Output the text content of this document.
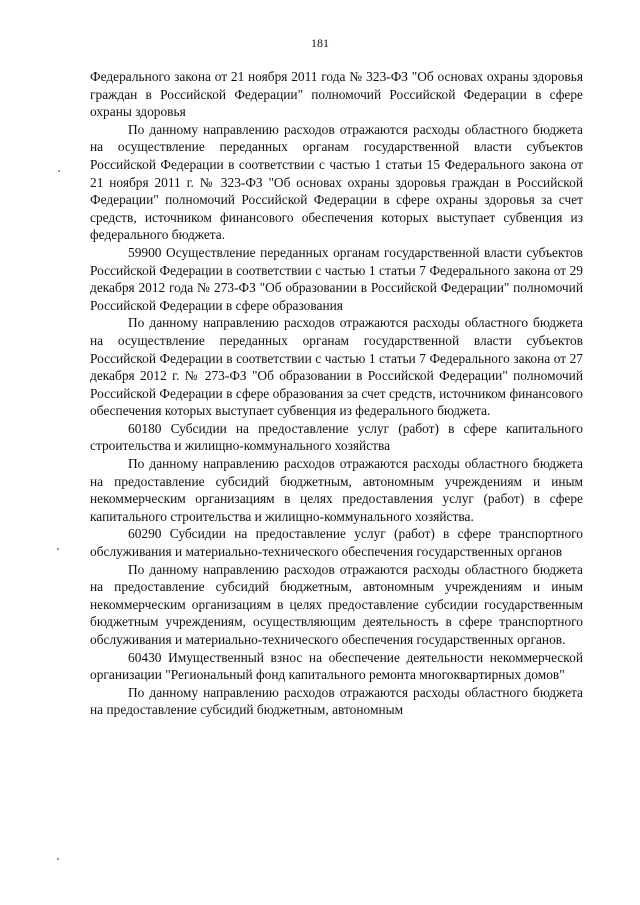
181

Федерального закона от 21 ноября 2011 года № 323-ФЗ "Об основах охраны здоровья граждан в Российской Федерации" полномочий Российской Федерации в сфере охраны здоровья

По данному направлению расходов отражаются расходы областного бюджета на осуществление переданных органам государственной власти субъектов Российской Федерации в соответствии с частью 1 статьи 15 Федерального закона от 21 ноября 2011 г. № 323-ФЗ "Об основах охраны здоровья граждан в Российской Федерации" полномочий Российской Федерации в сфере охраны здоровья за счет средств, источником финансового обеспечения которых выступает субвенция из федерального бюджета.

59900 Осуществление переданных органам государственной власти субъектов Российской Федерации в соответствии с частью 1 статьи 7 Федерального закона от 29 декабря 2012 года № 273-ФЗ "Об образовании в Российской Федерации" полномочий Российской Федерации в сфере образования

По данному направлению расходов отражаются расходы областного бюджета на осуществление переданных органам государственной власти субъектов Российской Федерации в соответствии с частью 1 статьи 7 Федерального закона от 27 декабря 2012 г. № 273-ФЗ "Об образовании в Российской Федерации" полномочий Российской Федерации в сфере образования за счет средств, источником финансового обеспечения которых выступает субвенция из федерального бюджета.

60180 Субсидии на предоставление услуг (работ) в сфере капитального строительства и жилищно-коммунального хозяйства

По данному направлению расходов отражаются расходы областного бюджета на предоставление субсидий бюджетным, автономным учреждениям и иным некоммерческим организациям в целях предоставления услуг (работ) в сфере капитального строительства и жилищно-коммунального хозяйства.

60290 Субсидии на предоставление услуг (работ) в сфере транспортного обслуживания и материально-технического обеспечения государственных органов

По данному направлению расходов отражаются расходы областного бюджета на предоставление субсидий бюджетным, автономным учреждениям и иным некоммерческим организациям в целях предоставление субсидии государственным бюджетным учреждениям, осуществляющим деятельность в сфере транспортного обслуживания и материально-технического обеспечения государственных органов.

60430 Имущественный взнос на обеспечение деятельности некоммерческой организации "Региональный фонд капитального ремонта многоквартирных домов"

По данному направлению расходов отражаются расходы областного бюджета на предоставление субсидий бюджетным, автономным
